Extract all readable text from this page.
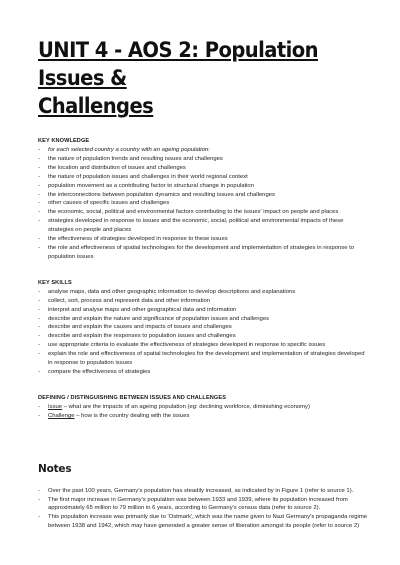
UNIT 4 - AOS 2: Population Issues &
Challenges
KEY KNOWLEDGE
- for each selected country a country with an ageing population:
- the nature of population trends and resulting issues and challenges
- the location and distribution of issues and challenges
- the nature of population issues and challenges in their world regional context
- population movement as a contributing factor to structural change in population
- the interconnections between population dynamics and resulting issues and challenges
- other causes of specific issues and challenges
- the economic, social, political and environmental factors contributing to the issues' impact on people and places
- strategies developed in response to issues and the economic, social, political and environmental impacts of these strategies on people and places
- the effectiveness of strategies developed in response to these issues
- the role and effectiveness of spatial technologies for the development and implementation of strategies in response to population issues
KEY SKILLS
- analyse maps, data and other geographic information to develop descriptions and explanations
- collect, sort, process and represent data and other information
- interpret and analyse maps and other geographical data and information
- describe and explain the nature and significance of population issues and challenges
- describe and explain the causes and impacts of issues and challenges
- describe and explain the responses to population issues and challenges
- use appropriate criteria to evaluate the effectiveness of strategies developed in response to specific issues
- explain the role and effectiveness of spatial technologies for the development and implementation of strategies developed in response to population issues
- compare the effectiveness of strategies
DEFINING / DISTINGUISHING BETWEEN ISSUES AND CHALLENGES
- Issue – what are the impacts of an ageing population (eg: declining workforce, diminishing economy)
- Challenge – how is the country dealing with the issues
Notes
- Over the past 100 years, Germany's population has steadily increased, as indicated by in Figure 1 (refer to source 1).
- The first major increase in Germany's population was between 1933 and 1939, where its population increased from approximately 65 million to 79 million in 6 years, according to Germany's census data (refer to source 2).
- This population increase was primarily due to 'Ostmark', which was the name given to Nazi Germany's propaganda regime between 1938 and 1942, which may have generated a greater sense of liberation amongst its people (refer to source 2)
